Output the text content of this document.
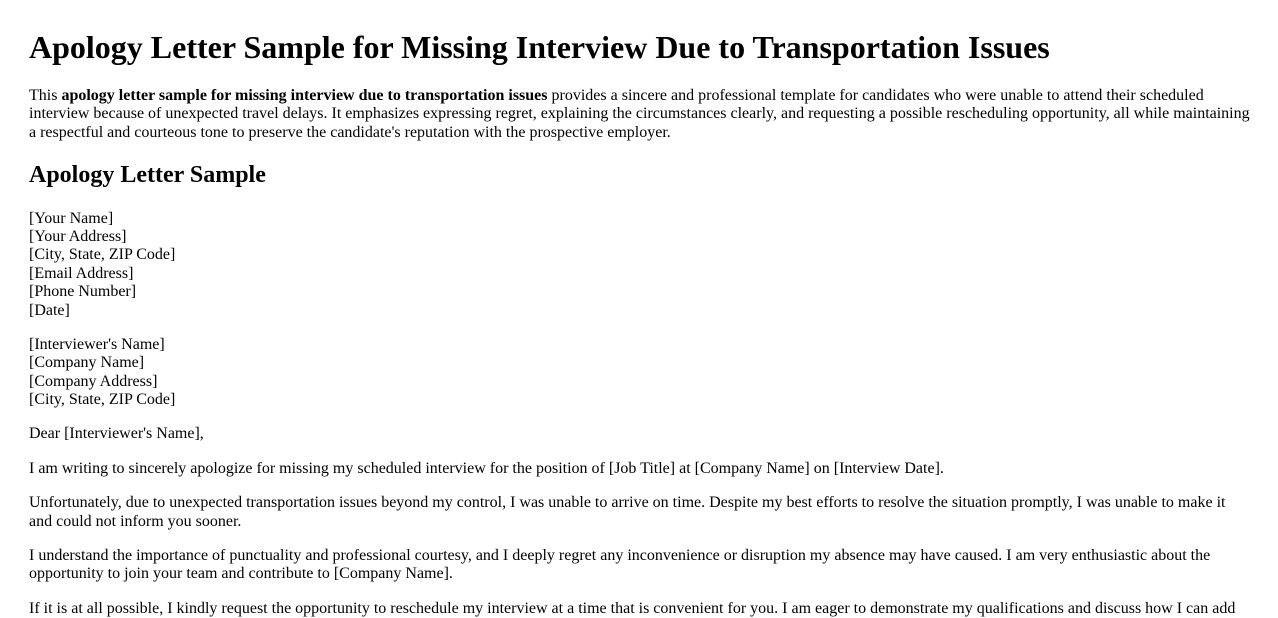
Apology Letter Sample for Missing Interview Due to Transportation Issues

This apology letter sample for missing interview due to transportation issues provides a sincere and professional template for candidates who were unable to attend their scheduled interview because of unexpected travel delays. It emphasizes expressing regret, explaining the circumstances clearly, and requesting a possible rescheduling opportunity, all while maintaining a respectful and courteous tone to preserve the candidate's reputation with the prospective employer.

Apology Letter Sample

[Your Name]
[Your Address]
[City, State, ZIP Code]
[Email Address]
[Phone Number]
[Date]

[Interviewer's Name]
[Company Name]
[Company Address]
[City, State, ZIP Code]

Dear [Interviewer's Name],

I am writing to sincerely apologize for missing my scheduled interview for the position of [Job Title] at [Company Name] on [Interview Date].

Unfortunately, due to unexpected transportation issues beyond my control, I was unable to arrive on time. Despite my best efforts to resolve the situation promptly, I was unable to make it and could not inform you sooner.

I understand the importance of punctuality and professional courtesy, and I deeply regret any inconvenience or disruption my absence may have caused. I am very enthusiastic about the opportunity to join your team and contribute to [Company Name].

If it is at all possible, I kindly request the opportunity to reschedule my interview at a time that is convenient for you. I am eager to demonstrate my qualifications and discuss how I can add
